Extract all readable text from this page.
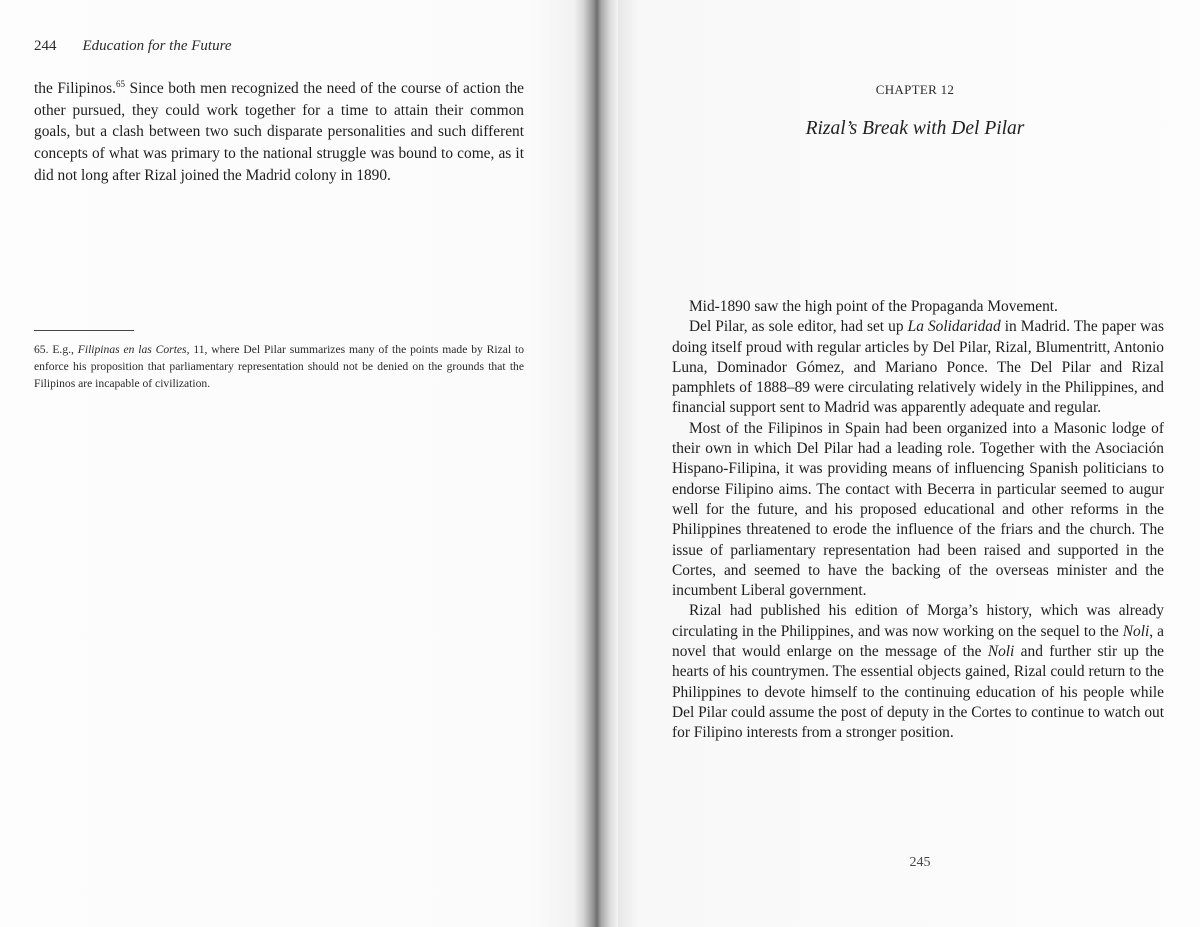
244 Education for the Future
the Filipinos.$^{65}$ Since both men recognized the need of the course of action the other pursued, they could work together for a time to attain their common goals, but a clash between two such disparate personalities and such different concepts of what was primary to the national struggle was bound to come, as it did not long after Rizal joined the Madrid colony in 1890.
65. E.g., Filipinas en las Cortes, 11, where Del Pilar summarizes many of the points made by Rizal to enforce his proposition that parliamentary representation should not be denied on the grounds that the Filipinos are incapable of civilization.
CHAPTER 12
Rizal’s Break with Del Pilar

Mid-1890 saw the high point of the Propaganda Movement.

Del Pilar, as sole editor, had set up La Solidaridad in Madrid. The paper was doing itself proud with regular articles by Del Pilar, Rizal, Blumentritt, Antonio Luna, Dominador Gómez, and Mariano Ponce. The Del Pilar and Rizal pamphlets of 1888–89 were circulating relatively widely in the Philippines, and financial support sent to Madrid was apparently adequate and regular.

Most of the Filipinos in Spain had been organized into a Masonic lodge of their own in which Del Pilar had a leading role. Together with the Asociación Hispano-Filipina, it was providing means of influencing Spanish politicians to endorse Filipino aims. The contact with Becerra in particular seemed to augur well for the future, and his proposed educational and other reforms in the Philippines threatened to erode the influence of the friars and the church. The issue of parliamentary representation had been raised and supported in the Cortes, and seemed to have the backing of the overseas minister and the incumbent Liberal government.

Rizal had published his edition of Morga’s history, which was already circulating in the Philippines, and was now working on the sequel to the Noli, a novel that would enlarge on the message of the Noli and further stir up the hearts of his countrymen. The essential objects gained, Rizal could return to the Philippines to devote himself to the continuing education of his people while Del Pilar could assume the post of deputy in the Cortes to continue to watch out for Filipino interests from a stronger position.

245
